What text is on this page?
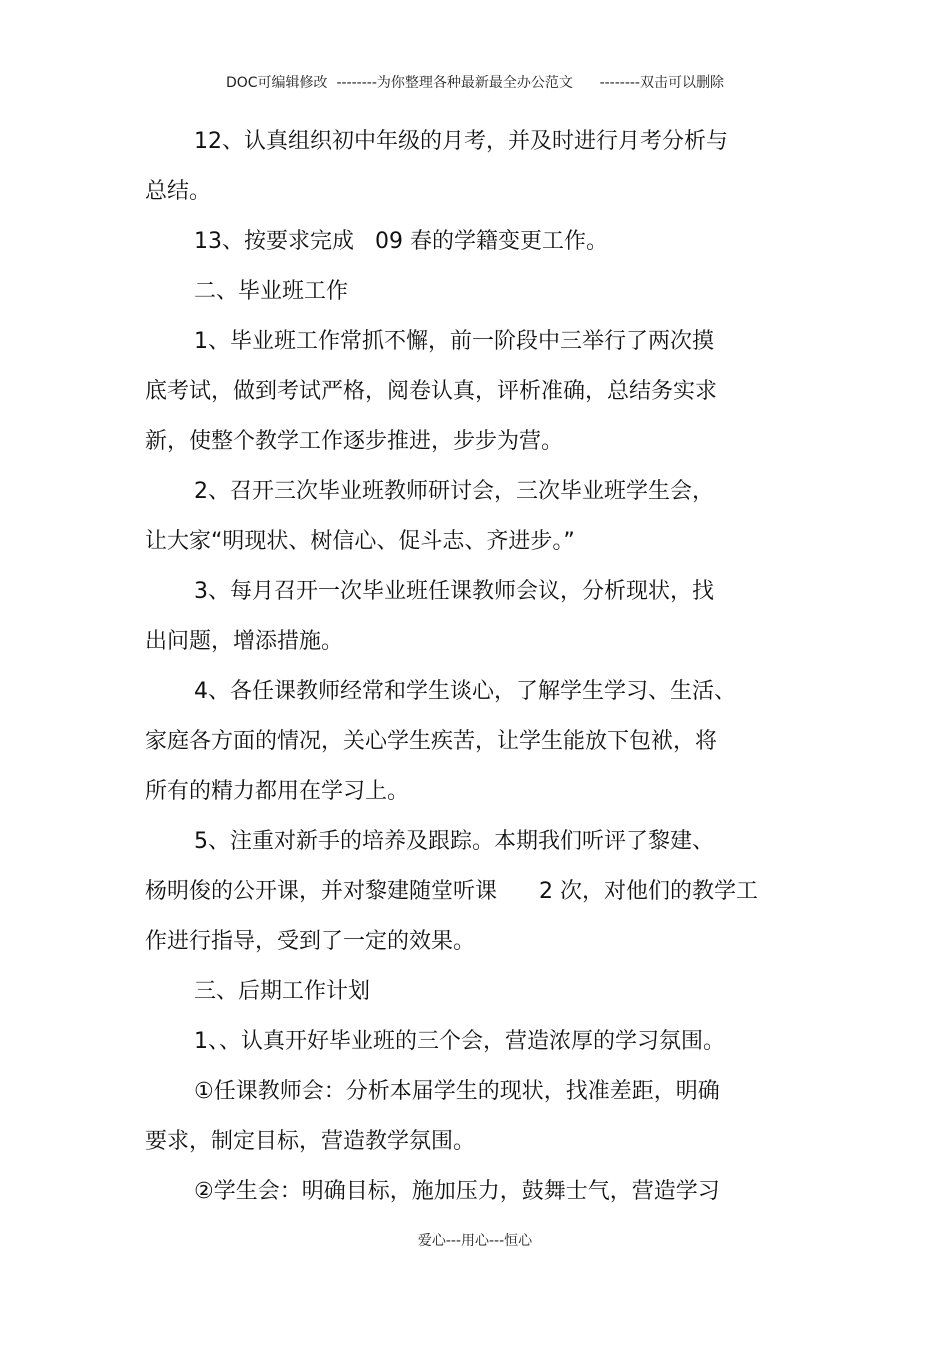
DOC可编辑修改  --------为你整理各种最新最全办公范文      --------双击可以删除
12、认真组织初中年级的月考，并及时进行月考分析与
总结。
13、按要求完成   09 春的学籍变更工作。
二、毕业班工作
1、毕业班工作常抓不懈，前一阶段中三举行了两次摸
底考试，做到考试严格，阅卷认真，评析准确，总结务实求
新，使整个教学工作逐步推进，步步为营。
2、召开三次毕业班教师研讨会，三次毕业班学生会，
让大家“明现状、树信心、促斗志、齐进步。”
3、每月召开一次毕业班任课教师会议，分析现状，找
出问题，增添措施。
4、各任课教师经常和学生谈心，了解学生学习、生活、
家庭各方面的情况，关心学生疾苦，让学生能放下包袱，将
所有的精力都用在学习上。
5、注重对新手的培养及跟踪。本期我们听评了黎建、
杨明俊的公开课，并对黎建随堂听课      2 次，对他们的教学工
作进行指导，受到了一定的效果。
三、后期工作计划
1、、认真开好毕业班的三个会，营造浓厚的学习氛围。
①任课教师会：分析本届学生的现状，找准差距，明确
要求，制定目标，营造教学氛围。
②学生会：明确目标，施加压力，鼓舞士气，营造学习
爱心---用心---恒心
